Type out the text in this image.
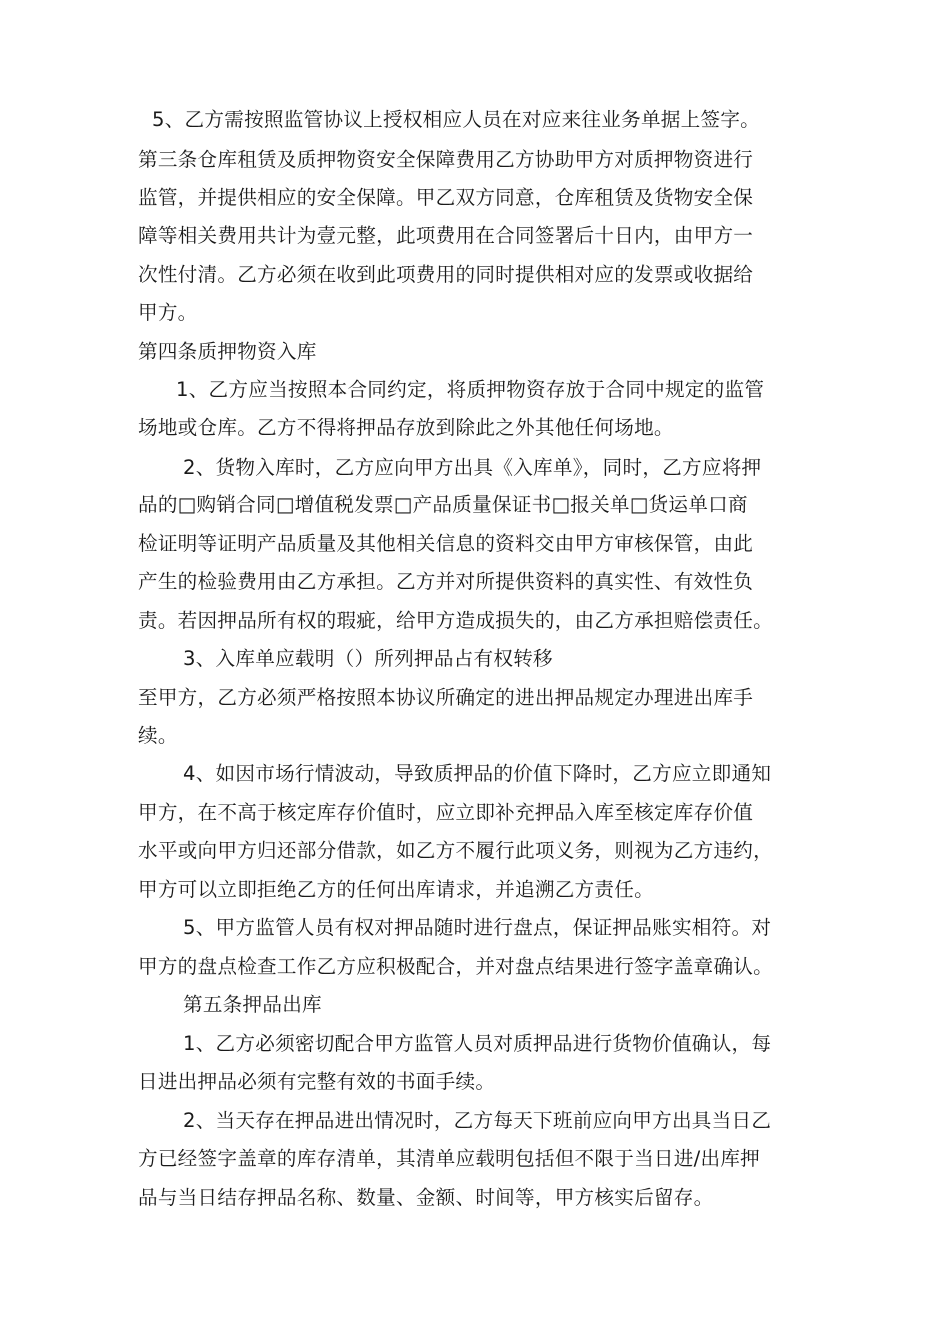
5、乙方需按照监管协议上授权相应人员在对应来往业务单据上签字。

第三条仓库租赁及质押物资安全保障费用乙方协助甲方对质押物资进行

监管，并提供相应的安全保障。甲乙双方同意，仓库租赁及货物安全保

障等相关费用共计为壹元整，此项费用在合同签署后十日内，由甲方一

次性付清。乙方必须在收到此项费用的同时提供相对应的发票或收据给

甲方。

第四条质押物资入库

1、乙方应当按照本合同约定，将质押物资存放于合同中规定的监管

场地或仓库。乙方不得将押品存放到除此之外其他任何场地。

2、货物入库时，乙方应向甲方出具《入库单》，同时，乙方应将押

品的□购销合同□增值税发票□产品质量保证书□报关单□货运单口商

检证明等证明产品质量及其他相关信息的资料交由甲方审核保管，由此

产生的检验费用由乙方承担。乙方并对所提供资料的真实性、有效性负

责。若因押品所有权的瑕疵，给甲方造成损失的，由乙方承担赔偿责任。

3、入库单应载明（）所列押品占有权转移

至甲方，乙方必须严格按照本协议所确定的进出押品规定办理进出库手

续。

4、如因市场行情波动，导致质押品的价值下降时，乙方应立即通知

甲方，在不高于核定库存价值时，应立即补充押品入库至核定库存价值

水平或向甲方归还部分借款，如乙方不履行此项义务，则视为乙方违约，

甲方可以立即拒绝乙方的任何出库请求，并追溯乙方责任。

5、甲方监管人员有权对押品随时进行盘点，保证押品账实相符。对

甲方的盘点检查工作乙方应积极配合，并对盘点结果进行签字盖章确认。

第五条押品出库

1、乙方必须密切配合甲方监管人员对质押品进行货物价值确认，每

日进出押品必须有完整有效的书面手续。

2、当天存在押品进出情况时，乙方每天下班前应向甲方出具当日乙

方已经签字盖章的库存清单，其清单应载明包括但不限于当日进/出库押

品与当日结存押品名称、数量、金额、时间等，甲方核实后留存。
